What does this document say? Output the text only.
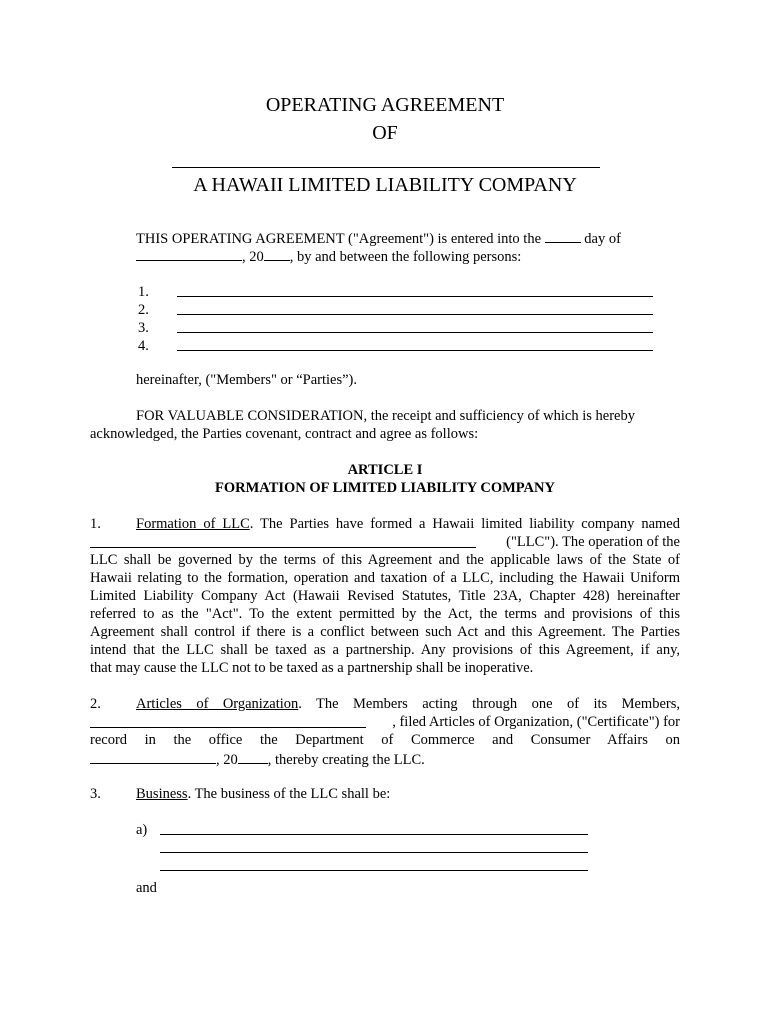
OPERATING AGREEMENT
OF
A HAWAII LIMITED LIABILITY COMPANY
THIS OPERATING AGREEMENT ("Agreement") is entered into the	day of
, 20 , by and between the following persons:
1.
2.
3.
4.
hereinafter, ("Members" or “Parties”).
FOR VALUABLE CONSIDERATION, the receipt and sufficiency of which is hereby
acknowledged, the Parties covenant, contract and agree as follows:
ARTICLE I
FORMATION OF LIMITED LIABILITY COMPANY
1. Formation of LLC. The Parties have formed a Hawaii limited liability company named
("LLC"). The operation of the
LLC shall be governed by the terms of this Agreement and the applicable laws of the State of
Hawaii relating to the formation, operation and taxation of a LLC, including the Hawaii Uniform
Limited Liability Company Act (Hawaii Revised Statutes, Title 23A, Chapter 428) hereinafter
referred to as the "Act". To the extent permitted by the Act, the terms and provisions of this
Agreement shall control if there is a conflict between such Act and this Agreement. The Parties
intend that the LLC shall be taxed as a partnership. Any provisions of this Agreement, if any,
that may cause the LLC not to be taxed as a partnership shall be inoperative.
2. Articles of Organization. The Members acting through one of its Members,
, filed Articles of Organization, ("Certificate") for
record in the office the Department of Commerce and Consumer Affairs on
, 20 , thereby creating the LLC.
3. Business. The business of the LLC shall be:
a)
and
